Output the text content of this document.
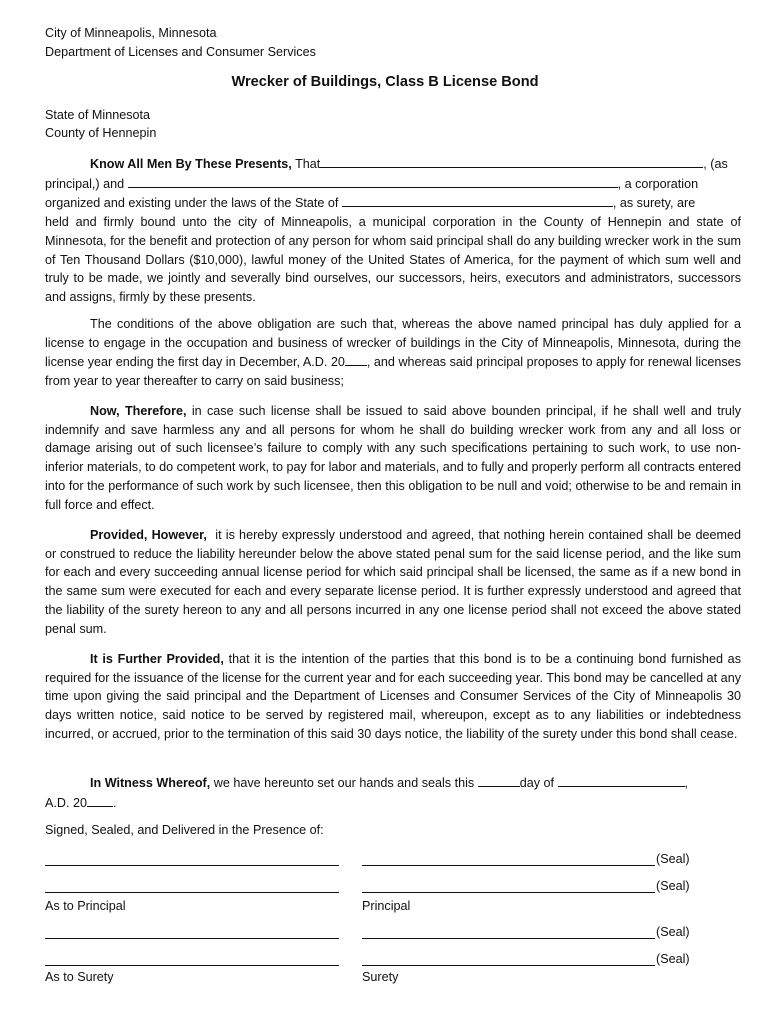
City of Minneapolis, Minnesota
Department of Licenses and Consumer Services
Wrecker of Buildings, Class B License Bond
State of Minnesota
County of Hennepin
Know All Men By These Presents, That	, (as
principal,) and	, a corporation
organized and existing under the laws of the State of	, as surety, are
held and firmly bound unto the city of Minneapolis, a municipal corporation in the County of Hennepin and state of Minnesota, for the benefit and protection of any person for whom said principal shall do any building wrecker work in the sum of Ten Thousand Dollars ($10,000), lawful money of the United States of America, for the payment of which sum well and truly to be made, we jointly and severally bind ourselves, our successors, heirs, executors and administrators, successors and assigns, firmly by these presents.
The conditions of the above obligation are such that, whereas the above named principal has duly applied for a license to engage in the occupation and business of wrecker of buildings in the City of Minneapolis, Minnesota, during the license year ending the first day in December, A.D. 20 , and whereas said principal proposes to apply for renewal licenses from year to year thereafter to carry on said business;
Now, Therefore, in case such license shall be issued to said above bounden principal, if he shall well and truly indemnify and save harmless any and all persons for whom he shall do building wrecker work from any and all loss or damage arising out of such licensee’s failure to comply with any such specifications pertaining to such work, to use non-inferior materials, to do competent work, to pay for labor and materials, and to fully and properly perform all contracts entered into for the performance of such work by such licensee, then this obligation to be null and void; otherwise to be and remain in full force and effect.
Provided, However,  it is hereby expressly understood and agreed, that nothing herein contained shall be deemed or construed to reduce the liability hereunder below the above stated penal sum for the said license period, and the like sum for each and every succeeding annual license period for which said principal shall be licensed, the same as if a new bond in the same sum were executed for each and every separate license period. It is further expressly understood and agreed that the liability of the surety hereon to any and all persons incurred in any one license period shall not exceed the above stated penal sum.
It is Further Provided, that it is the intention of the parties that this bond is to be a continuing bond furnished as required for the issuance of the license for the current year and for each succeeding year. This bond may be cancelled at any time upon giving the said principal and the Department of Licenses and Consumer Services of the City of Minneapolis 30 days written notice, said notice to be served by registered mail, whereupon, except as to any liabilities or indebtedness incurred, or accrued, prior to the termination of this said 30 days notice, the liability of the surety under this bond shall cease.
In Witness Whereof, we have hereunto set our hands and seals this	day of	,
A.D. 20 .
Signed, Sealed, and Delivered in the Presence of:
(Seal)
(Seal)
As to Principal	Principal
(Seal)
(Seal)
As to Surety	Surety
